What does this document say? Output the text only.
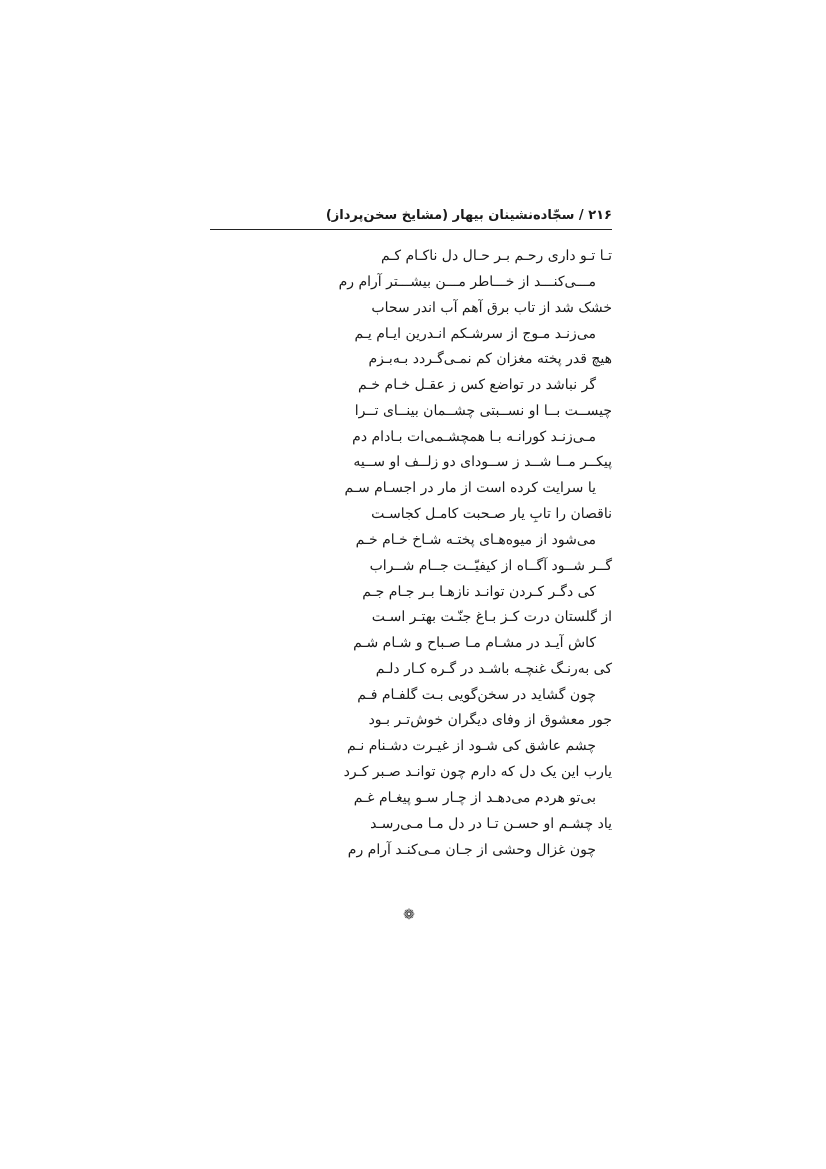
۲۱۶ / سجّاده‌نشینان بیهار (مشایخ سخن‌پرداز)
تـا تـو داری رحـم بـر حـال دل ناکـام کـم
مـــی‌کنـــد از خـــاطر مـــن بیشـــتر آرام رم
خشک شد از تاب برق آهم آب اندر سحاب
می‌زنـد مـوج از سرشـکم انـدرین ایـام یـم
هیچ قدر پخته مغزان کم نمـی‌گـردد بـه‌بـزم
گر نباشد در تواضع کس ز عقـل خـام خـم
چیســت بــا او نســبتی چشــمان بینــای تــرا
مـی‌زنـد کورانـه بـا همچشـمی‌ات بـادام دم
پیکــر مــا شــد ز ســودای دو زلــف او ســیه
یا سرایت کرده است از مار در اجسـام سـم
ناقصان را تابِ یار صـحبت کامـل کجاسـت
می‌شود از میوه‌هـای پختـه شـاخ خـام خـم
گــر شــود آگــاه از کیفیّــت جــام شــراب
کی دگـر کـردن توانـد نازهـا بـر جـام جـم
از گلستان درت کـز بـاغ جنّـت بهتـر اسـت
کاش آیـد در مشـام مـا صـباح و شـام شـم
کی به‌رنـگ غنچـه باشـد در گـره کـار دلـم
چون گشاید در سخن‌گویی بـت گلفـام فـم
جور معشوق از وفای دیگران خوش‌تـر بـود
چشم عاشق کی شـود از غیـرت دشـنام نـم
یارب این یک دل که دارم چون توانـد صـبر کـرد
بی‌تو هردم می‌دهـد از چـار سـو پیغـام غـم
یاد چشـم او حسـن تـا در دل مـا مـی‌رسـد
چون غزال وحشی از جـان مـی‌کنـد آرام رم
❁
